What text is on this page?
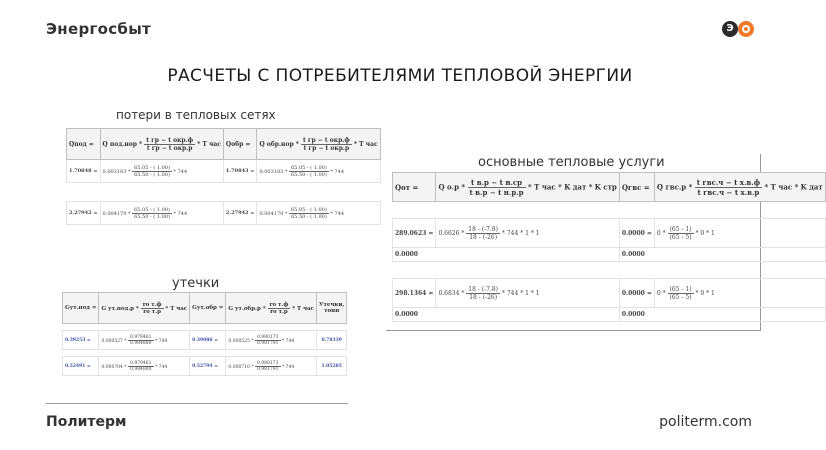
Энергосбыт	Э
РАСЧЕТЫ С ПОТРЕБИТЕЛЯМИ ТЕПЛОВОЙ ЭНЕРГИИ
потери в тепловых сетях
Qпод =	Q $под.нор * \frac{\text{t гр − t окр.ф}}{\text{t гр − t окр.р}}$ * T час	Qобр =	Q $обр.нор * \frac{\text{t гр − t окр.ф}}{\text{t гр − t окр.р}}$ * T час
1.70848 =	$0.003183 * \frac{65.05 - ( 1.00)}{65.50 - ( 1.00)} * 744$	1.70843 =	$0.003183 * \frac{65.05 - ( 1.00)}{65.50 - ( 1.00)} * 744$

2.27942 =	$0.004179 * \frac{65.05 - ( 1.00)}{65.50 - ( 1.00)} * 744$	2.27942 =	$0.004179 * \frac{65.05 - ( 1.00)}{65.50 - ( 1.00)} * 744$
основные тепловые услуги
Qот =	Q $о.р * \frac{\text{t в.р − t н.ср}}{\text{t в.р − t н.р.р}}$ * T час * K дат * K стр	Qгвс =	Q $гвс.р * \frac{\text{t гвс.ч − t х.в.ф}}{\text{t гвс.ч − t х.в.р}}$ * T час * K дат

289.0623 =	$0.6626 * \frac{18 - (-7.8)}{18 - (-26)} * 744 * 1 * 1$	0.0000 =	$0 * \frac{(65 - 1)}{(65 - 5)} * 0 * 1$
0.0000		0.0000	

298.1364 =	$0.6834 * \frac{18 - (-7.8)}{18 - (-26)} * 744 * 1 * 1$	0.0000 =	$0 * \frac{(65 - 1)}{(65 - 5)} * 0 * 1$
0.0000		0.0000	
утечки
Gут.под =	G $ут.под.р * \frac{\text{ro т.ф}}{\text{ro т.р}}$ * T час	Gут.обр =	G $ут.обр.р * \frac{\text{ro т.ф}}{\text{ro т.р}}$ * T час	Утечки, тонн

0.39253 =	$0.000527 * \frac{0.979461}{0.984880} * 744$	0.39086 =	$0.000525 * \frac{0.980173}{0.981791} * 744$	0.78339

0.52491 =	$0.000704 * \frac{0.979461}{0.984880} * 744$	0.52794 =	$0.000710 * \frac{0.980173}{0.981791} * 744$	1.05285
Политерм	politerm.com
